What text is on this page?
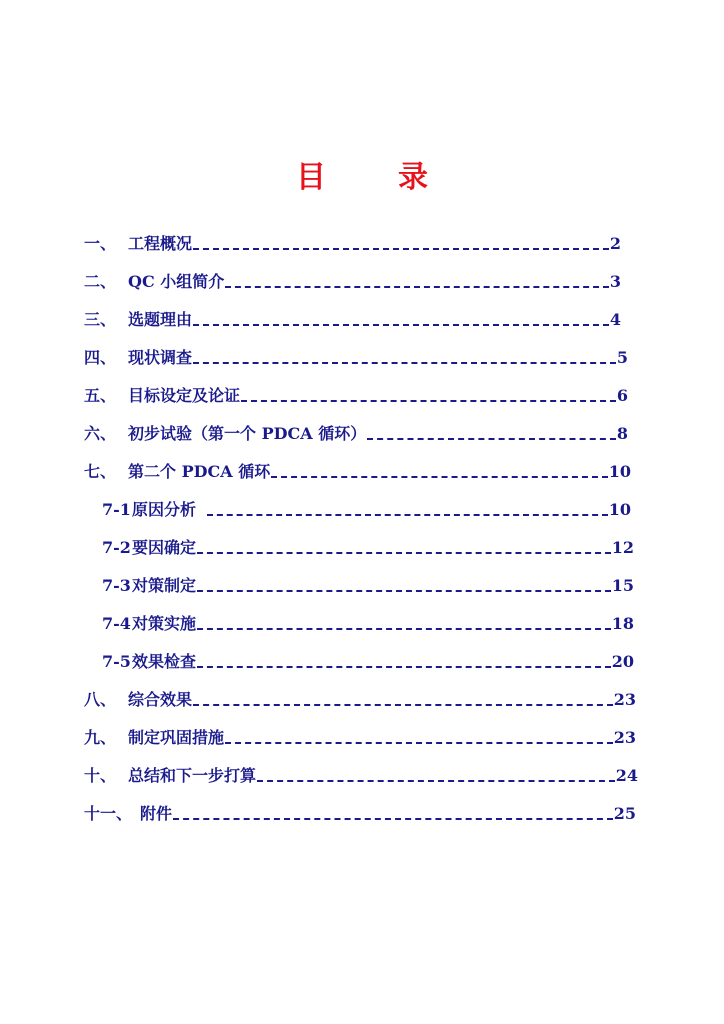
目 录
一、 工程概况	2
二、 QC 小组简介	3
三、 选题理由	4
四、 现状调查	5
五、 目标设定及论证	6
六、 初步试验（第一个 PDCA 循环）	8
七、 第二个 PDCA 循环	10
7-1 原因分析	10
7-2 要因确定	12
7-3 对策制定	15
7-4 对策实施	18
7-5 效果检查	20
八、 综合效果	23
九、 制定巩固措施	23
十、 总结和下一步打算	24
十一、 附件	25
